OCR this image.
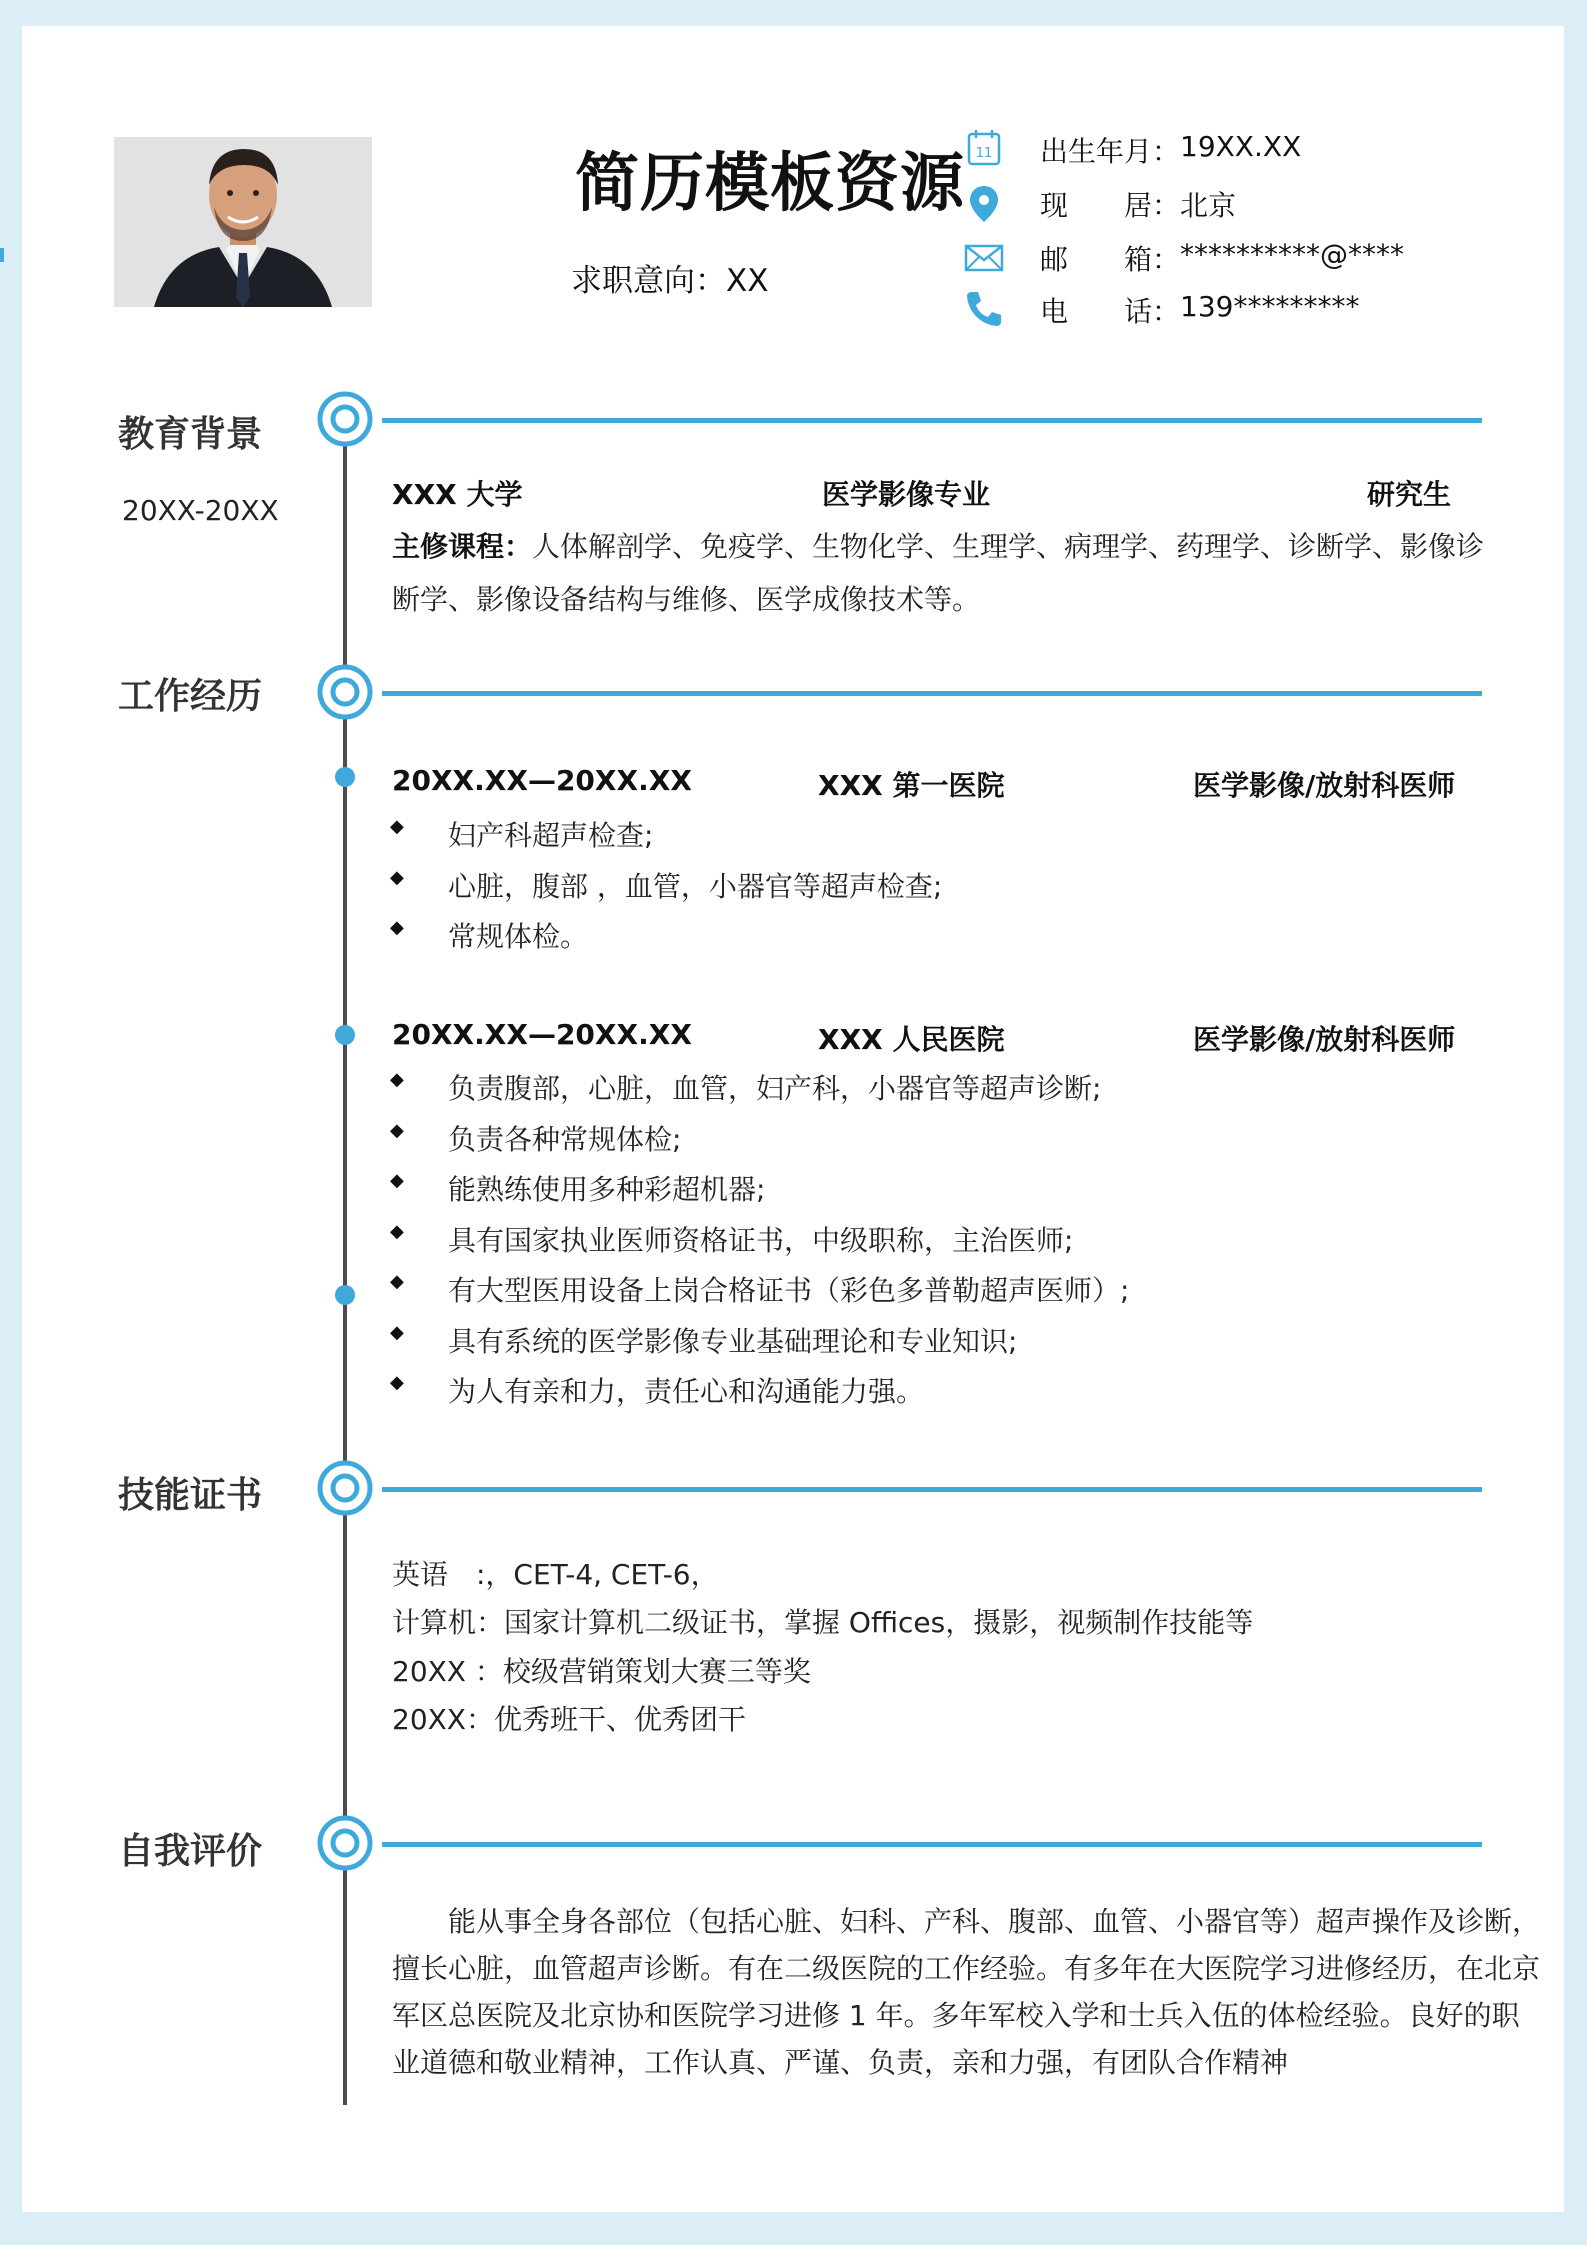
简历模板资源
求职意向：XX
11 出生年月： 19XX.XX
现　　居： 北京
邮　　箱： **********@****
电　　话： 139*********
教育背景
20XX-20XX	XXX 大学	医学影像专业	研究生
主修课程：人体解剖学、免疫学、生物化学、生理学、病理学、药理学、诊断学、影像诊
断学、影像设备结构与维修、医学成像技术等。
工作经历
20XX.XX—20XX.XX	XXX 第一医院	医学影像/放射科医师
◆ 妇产科超声检查;
◆ 心脏，腹部 ，血管，小器官等超声检查;
◆ 常规体检。
20XX.XX—20XX.XX	XXX 人民医院	医学影像/放射科医师
◆ 负责腹部，心脏，血管，妇产科，小器官等超声诊断;
◆ 负责各种常规体检;
◆ 能熟练使用多种彩超机器;
◆ 具有国家执业医师资格证书，中级职称，主治医师;
◆ 有大型医用设备上岗合格证书（彩色多普勒超声医师）;
◆ 具有系统的医学影像专业基础理论和专业知识;
◆ 为人有亲和力，责任心和沟通能力强。
技能证书
英语　:，CET-4, CET-6，
计算机：国家计算机二级证书，掌握 Offices，摄影，视频制作技能等
20XX ：校级营销策划大赛三等奖
20XX：优秀班干、优秀团干
自我评价
能从事全身各部位（包括心脏、妇科、产科、腹部、血管、小器官等）超声操作及诊断，
擅长心脏，血管超声诊断。有在二级医院的工作经验。有多年在大医院学习进修经历，在北京
军区总医院及北京协和医院学习进修 1 年。多年军校入学和士兵入伍的体检经验。良好的职
业道德和敬业精神，工作认真、严谨、负责，亲和力强，有团队合作精神
